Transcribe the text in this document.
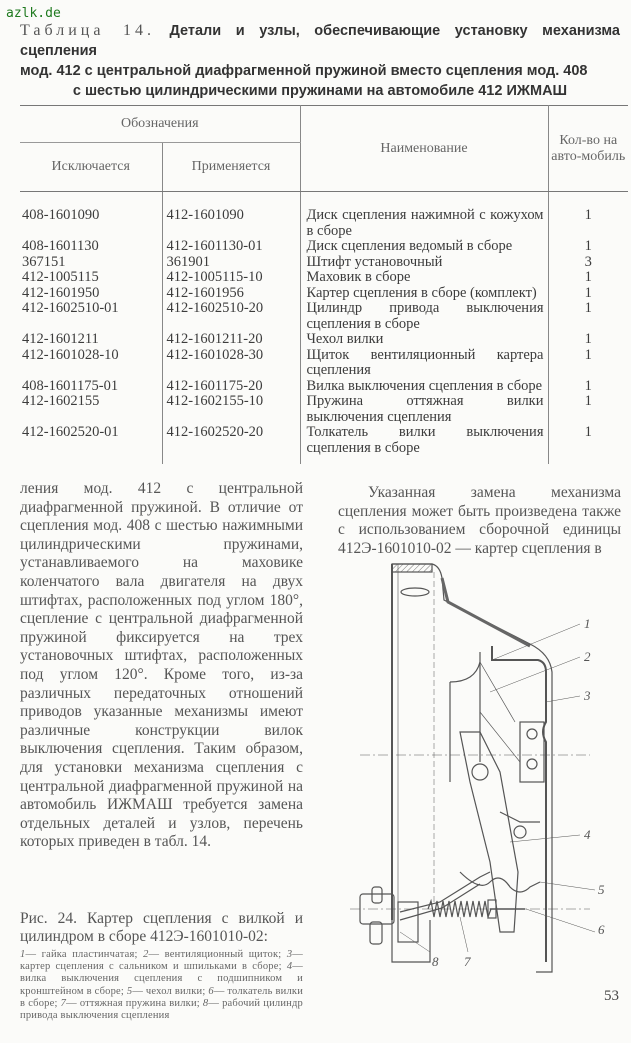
azlk.de
Таблица 14. Детали и узлы, обеспечивающие установку механизма сцепления
мод. 412 с центральной диафрагменной пружиной вместо сцепления мод. 408
с шестью цилиндрическими пружинами на автомобиле 412 ИЖМАШ
Обозначения		Наименование	Кол-во на авто-мобиль
Исключается	Применяется		

408-1601090	412-1601090	Диск сцепления нажимной с кожухом в сборе	1
408-1601130	412-1601130-01	Диск сцепления ведомый в сборе	1
367151	361901	Штифт установочный	3
412-1005115	412-1005115-10	Маховик в сборе	1
412-1601950	412-1601956	Картер сцепления в сборе (комплект)	1
412-1602510-01	412-1602510-20	Цилиндр привода выключения сцепления в сборе	1
412-1601211	412-1601211-20	Чехол вилки	1
412-1601028-10	412-1601028-30	Щиток вентиляционный картера сцепления	1
408-1601175-01	412-1601175-20	Вилка выключения сцепления в сборе	1
412-1602155	412-1602155-10	Пружина оттяжная вилки выключения сцепления	1
412-1602520-01	412-1602520-20	Толкатель вилки выключения сцепления в сборе	1

ления мод. 412 с центральной диафрагменной пружиной. В отличие от сцепления мод. 408 с шестью нажимными цилиндрическими пружинами, устанавливаемого на маховике коленчатого вала двигателя на двух штифтах, расположенных под углом 180°, сцепление с центральной диафрагменной пружиной фиксируется на трех установочных штифтах, расположенных под углом 120°. Кроме того, из-за различных передаточных отношений приводов указанные механизмы имеют различные конструкции вилок выключения сцепления. Таким образом, для установки механизма сцепления с центральной диафрагменной пружиной на автомобиль ИЖМАШ требуется замена отдельных деталей и узлов, перечень которых приведен в табл. 14.
Рис. 24. Картер сцепления с вилкой и цилиндром в сборе 412Э-1601010-02:
1— гайка пластинчатая; 2— вентиляционный щиток; 3— картер сцепления с сальником и шпильками в сборе; 4— вилка выключения сцепления с подшипником и кронштейном в сборе; 5— чехол вилки; 6— толкатель вилки в сборе; 7— оттяжная пружина вилки; 8— рабочий цилиндр привода выключения сцепления
Указанная замена механизма сцепления может быть произведена также с использованием сборочной единицы 412Э-1601010-02 — картер сцепления в
1
2
3
4
5
6
7
8
53
